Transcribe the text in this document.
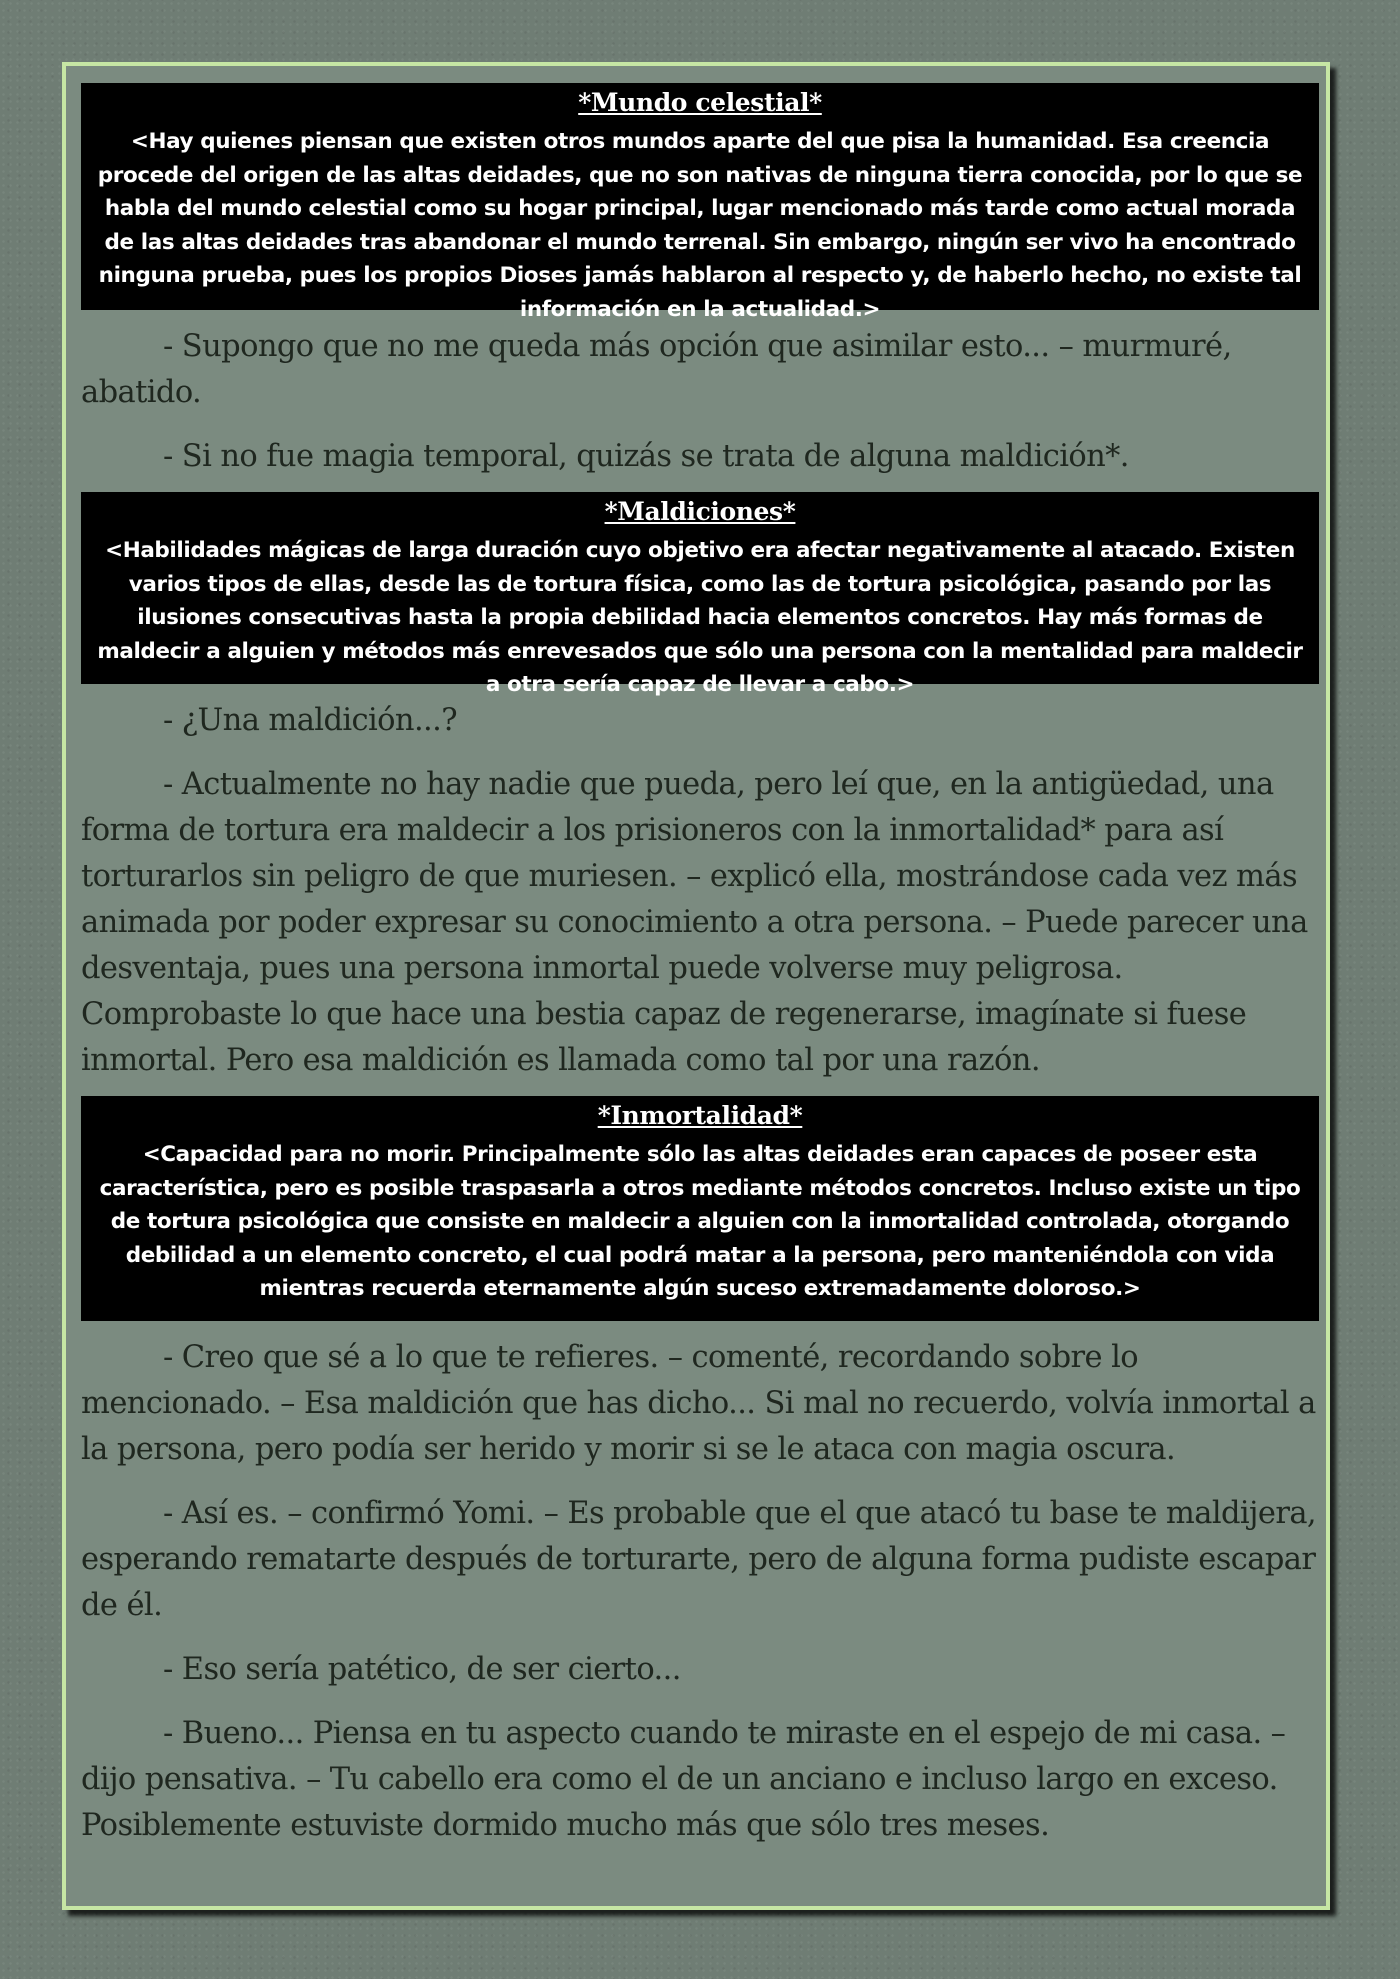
*Mundo celestial*

<Hay quienes piensan que existen otros mundos aparte del que pisa la humanidad. Esa creencia procede del origen de las altas deidades, que no son nativas de ninguna tierra conocida, por lo que se habla del mundo celestial como su hogar principal, lugar mencionado más tarde como actual morada de las altas deidades tras abandonar el mundo terrenal. Sin embargo, ningún ser vivo ha encontrado ninguna prueba, pues los propios Dioses jamás hablaron al respecto y, de haberlo hecho, no existe tal información en la actualidad.>

- Supongo que no me queda más opción que asimilar esto... – murmuré, abatido.

- Si no fue magia temporal, quizás se trata de alguna maldición*.

*Maldiciones*

<Habilidades mágicas de larga duración cuyo objetivo era afectar negativamente al atacado. Existen varios tipos de ellas, desde las de tortura física, como las de tortura psicológica, pasando por las ilusiones consecutivas hasta la propia debilidad hacia elementos concretos. Hay más formas de maldecir a alguien y métodos más enrevesados que sólo una persona con la mentalidad para maldecir a otra sería capaz de llevar a cabo.>

- ¿Una maldición...?

- Actualmente no hay nadie que pueda, pero leí que, en la antigüedad, una forma de tortura era maldecir a los prisioneros con la inmortalidad* para así torturarlos sin peligro de que muriesen. – explicó ella, mostrándose cada vez más animada por poder expresar su conocimiento a otra persona. – Puede parecer una desventaja, pues una persona inmortal puede volverse muy peligrosa. Comprobaste lo que hace una bestia capaz de regenerarse, imagínate si fuese inmortal. Pero esa maldición es llamada como tal por una razón.

*Inmortalidad*

<Capacidad para no morir. Principalmente sólo las altas deidades eran capaces de poseer esta característica, pero es posible traspasarla a otros mediante métodos concretos. Incluso existe un tipo de tortura psicológica que consiste en maldecir a alguien con la inmortalidad controlada, otorgando debilidad a un elemento concreto, el cual podrá matar a la persona, pero manteniéndola con vida mientras recuerda eternamente algún suceso extremadamente doloroso.>

- Creo que sé a lo que te refieres. – comenté, recordando sobre lo mencionado. – Esa maldición que has dicho... Si mal no recuerdo, volvía inmortal a la persona, pero podía ser herido y morir si se le ataca con magia oscura.

- Así es. – confirmó Yomi. – Es probable que el que atacó tu base te maldijera, esperando rematarte después de torturarte, pero de alguna forma pudiste escapar de él.

- Eso sería patético, de ser cierto...

- Bueno... Piensa en tu aspecto cuando te miraste en el espejo de mi casa. – dijo pensativa. – Tu cabello era como el de un anciano e incluso largo en exceso. Posiblemente estuviste dormido mucho más que sólo tres meses.
